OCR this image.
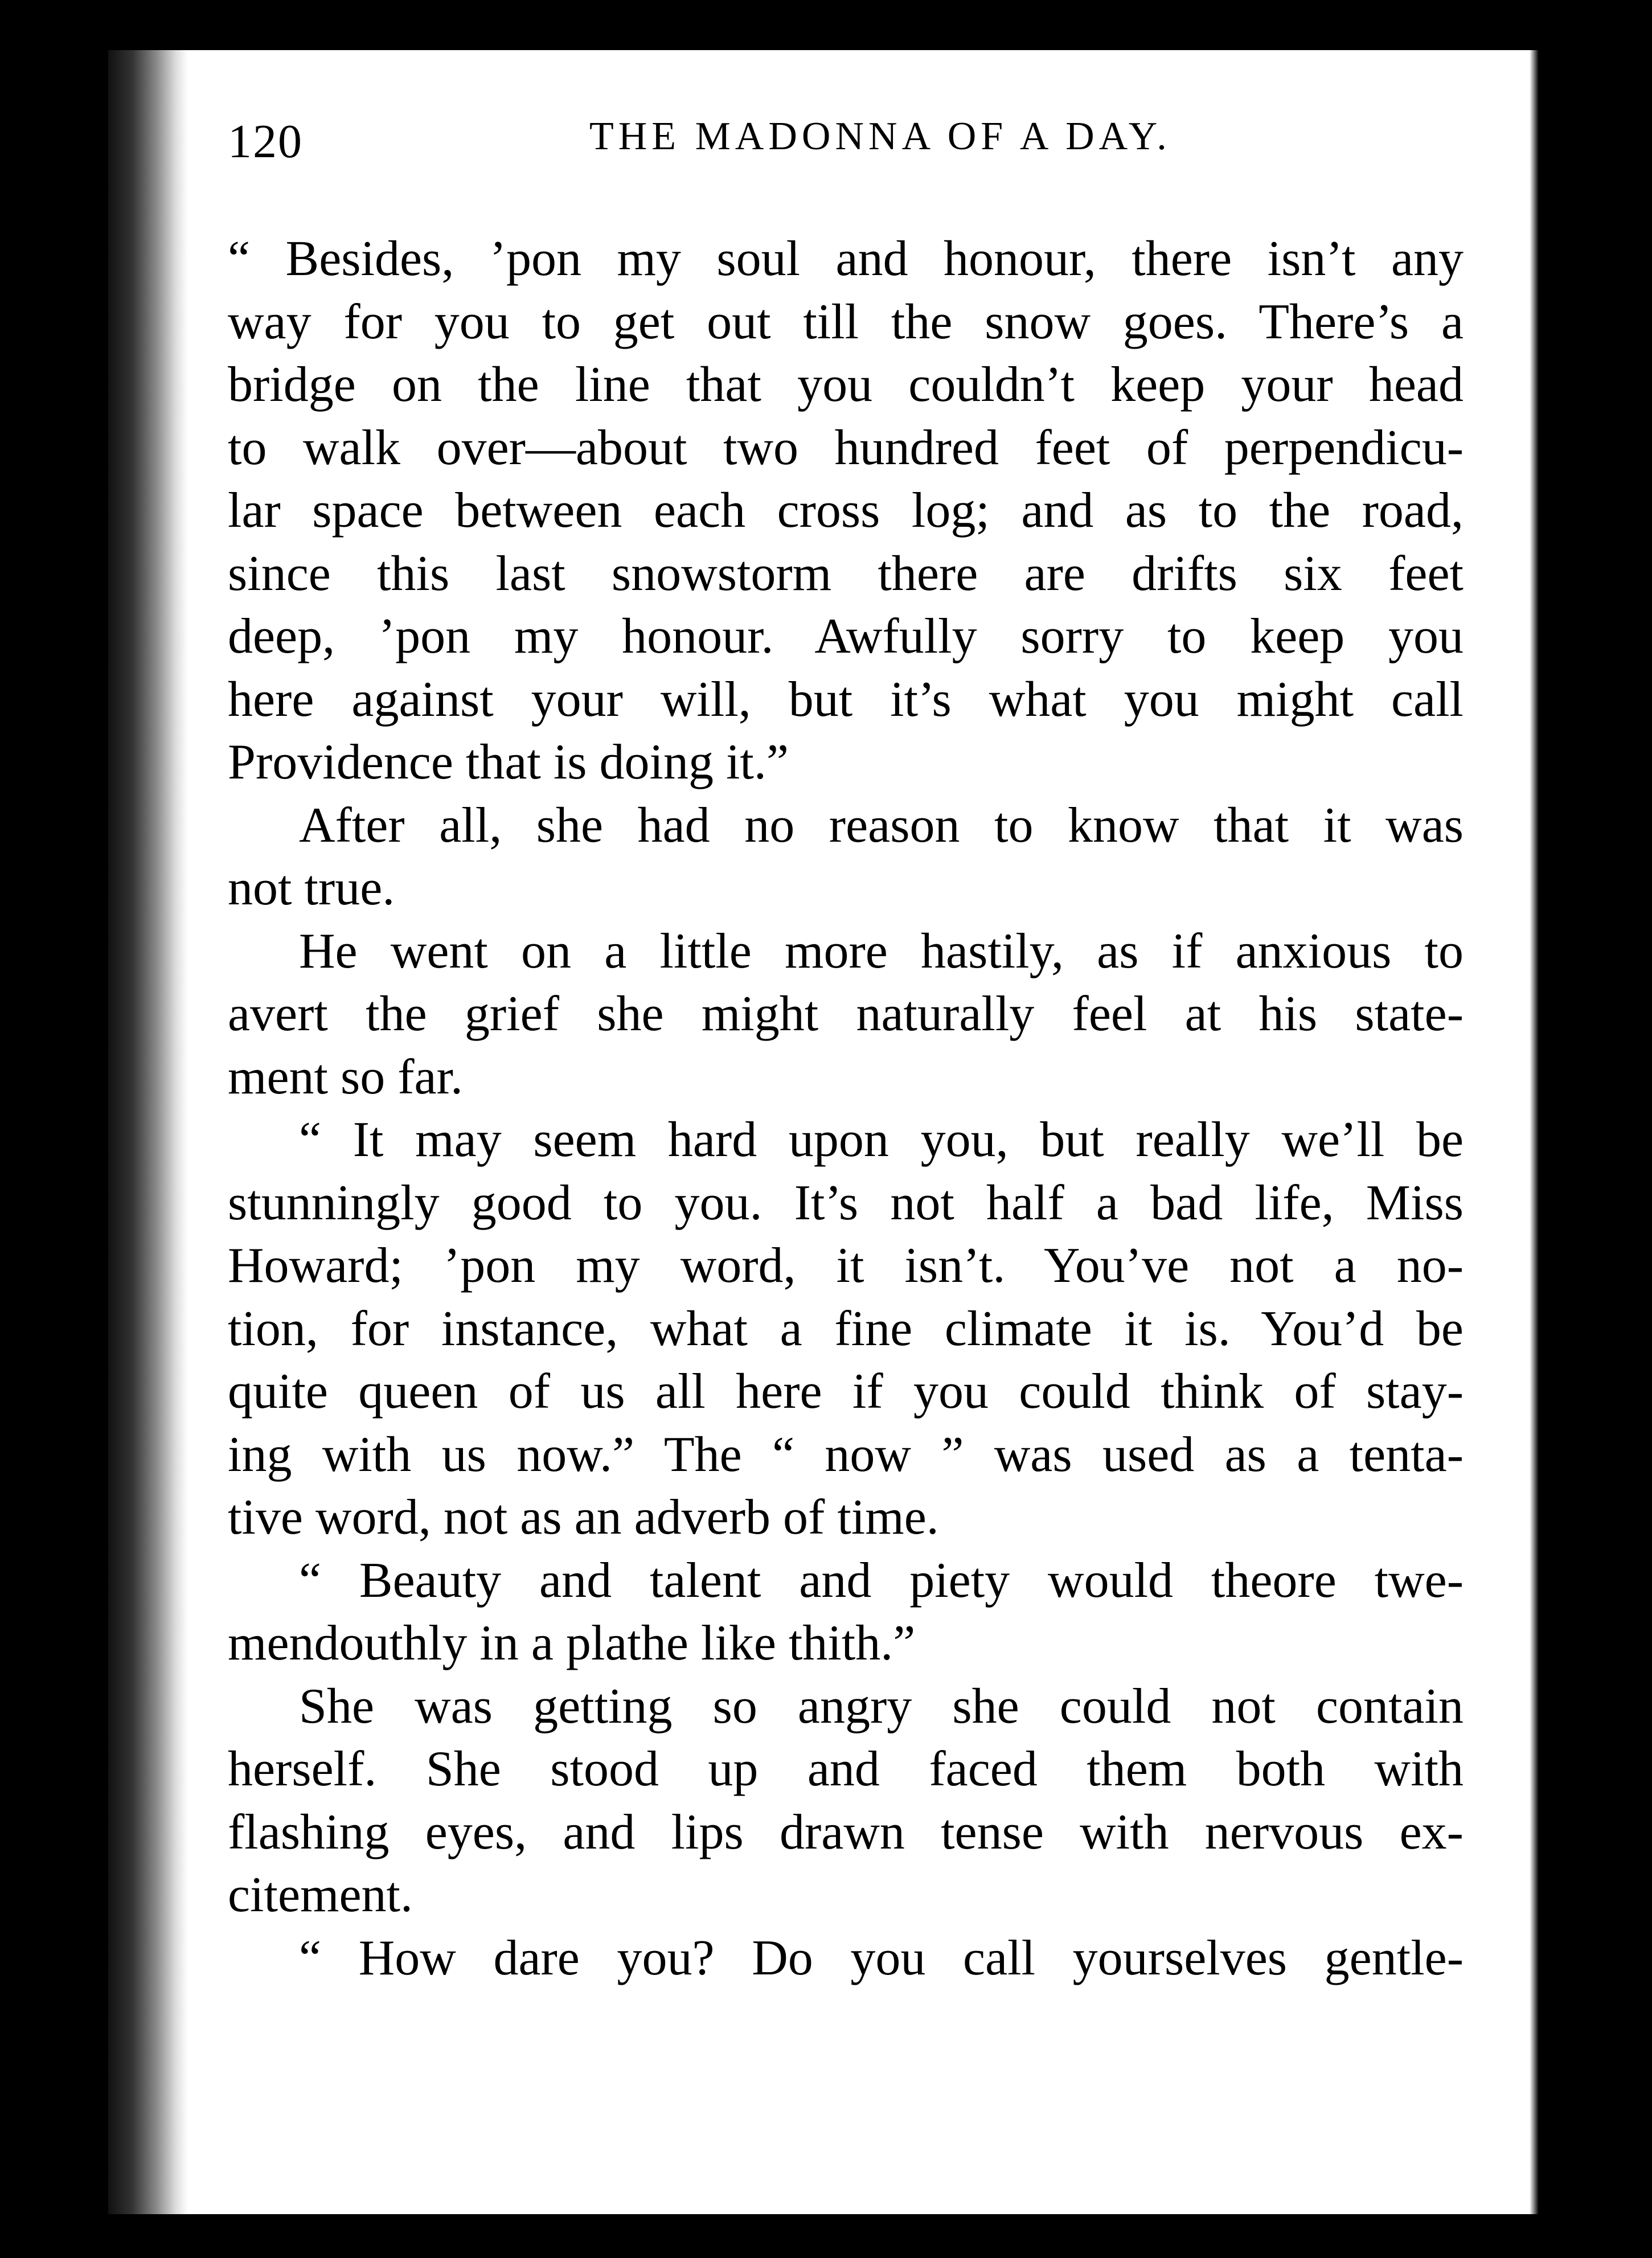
120	THE MADONNA OF A DAY.
“ Besides, ’pon my soul and honour, there isn’t any
way for you to get out till the snow goes. There’s a
bridge on the line that you couldn’t keep your head
to walk over—about two hundred feet of perpendicu-
lar space between each cross log; and as to the road,
since this last snowstorm there are drifts six feet
deep, ’pon my honour. Awfully sorry to keep you
here against your will, but it’s what you might call
Providence that is doing it.”
After all, she had no reason to know that it was
not true.
He went on a little more hastily, as if anxious to
avert the grief she might naturally feel at his state-
ment so far.
“ It may seem hard upon you, but really we’ll be
stunningly good to you. It’s not half a bad life, Miss
Howard; ’pon my word, it isn’t. You’ve not a no-
tion, for instance, what a fine climate it is. You’d be
quite queen of us all here if you could think of stay-
ing with us now.” The “ now ” was used as a tenta-
tive word, not as an adverb of time.
“ Beauty and talent and piety would theore twe-
mendouthly in a plathe like thith.”
She was getting so angry she could not contain
herself. She stood up and faced them both with
flashing eyes, and lips drawn tense with nervous ex-
citement.
“ How dare you? Do you call yourselves gentle-
